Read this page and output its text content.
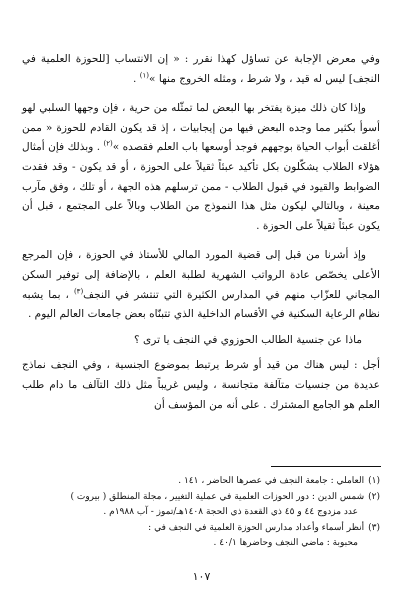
وفي معرض الإجابة عن تساؤل كهذا نقرر : « إن الانتساب [للحوزة العلمية في النجف] ليس له قيد ، ولا شرط ، ومثله الخروج منها »$^{(١)}$ .

وإذا كان ذلك ميزة يفتخر بها البعض لما تمثّله من حرية ، فإن وجهها السلبي لهو أسوأ بكثير مما وجده البعض فيها من إيجابيات ، إذ قد يكون القادم للحوزة « ممن أغلقت أبواب الحياة بوجههم فوجد أوسعها باب العلم فقصده »$^{(٢)}$ . وبذلك فإن أمثال هؤلاء الطلاب يشكّلون بكل تأكيد عبئاً ثقيلاً على الحوزة ، أو قد يكون - وقد فقدت الضوابط والقيود في قبول الطلاب - ممن ترسلهم هذه الجهة ، أو تلك ، وفق مآرب معينة ، وبالتالي ليكون مثل هذا النموذج من الطلاب وبالاً على المجتمع ، قبل أن يكون عبئاً ثقيلاً على الحوزة .

وإذ أشرنا من قبل إلى قضية المورد المالي للأستاذ في الحوزة ، فإن المرجع الأعلى يخصّص عادة الرواتب الشهرية لطلبة العلم ، بالإضافة إلى توفير السكن المجاني للعزّاب منهم في المدارس الكثيرة التي تنتشر في النجف$^{(٣)}$ ، بما يشبه نظام الرعاية السكنية في الأقسام الداخلية الذي تتبنّاه بعض جامعات العالم اليوم .

ماذا عن جنسية الطالب الحوزوي في النجف يا ترى ؟

أجل : ليس هناك من قيد أو شرط يرتبط بموضوع الجنسية ، وفي النجف نماذج عديدة من جنسيات متآلفة متجانسة ، وليس غريباً مثل ذلك التآلف ما دام طلب العلم هو الجامع المشترك . على أنه من المؤسف أن

(١)العاملي : جامعة النجف في عصرها الحاضر ، ١٤١ .

(٢)شمس الدين : دور الحوزات العلمية في عملية التغيير ، مجلة المنطلق ( بيروت )

عدد مزدوج ٤٤ و ٤٥ ذي القعدة ذي الحجة ١٤٠٨هـ/تموز - آب ١٩٨٨م .

(٣)أنظر أسماء وأعداد مدارس الحوزة العلمية في النجف في :

محبوبة : ماضي النجف وحاضرها ٤٠/١ .

١٠٧
